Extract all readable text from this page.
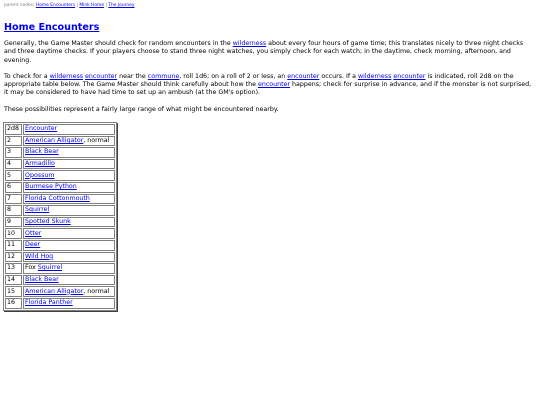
parent nodes: Home Encounters | Mink Home | The Journey
Home Encounters

Generally, the Game Master should check for random encounters in the wilderness about every four hours of game time; this translates nicely to three night checks and three daytime checks. If your players choose to stand three night watches, you simply check for each watch; in the daytime, check morning, afternoon, and evening.

To check for a wilderness encounter near the commune, roll 1d6; on a roll of 2 or less, an encounter occurs. If a wilderness encounter is indicated, roll 2d8 on the appropriate table below. The Game Master should think carefully about how the encounter happens; check for surprise in advance, and if the monster is not surprised, it may be considered to have had time to set up an ambush (at the GM's option).

These possibilities represent a fairly large range of what might be encountered nearby.

2d8	Encounter
2	American Alligator, normal
3	Black Bear
4	Armadillo
5	Opossum
6	Burmese Python
7	Florida Cottonmouth
8	Squirrel
9	Spotted Skunk
10	Otter
11	Deer
12	Wild Hog
13	Fox Squirrel
14	Black Bear
15	American Alligator, normal
16	Florida Panther
